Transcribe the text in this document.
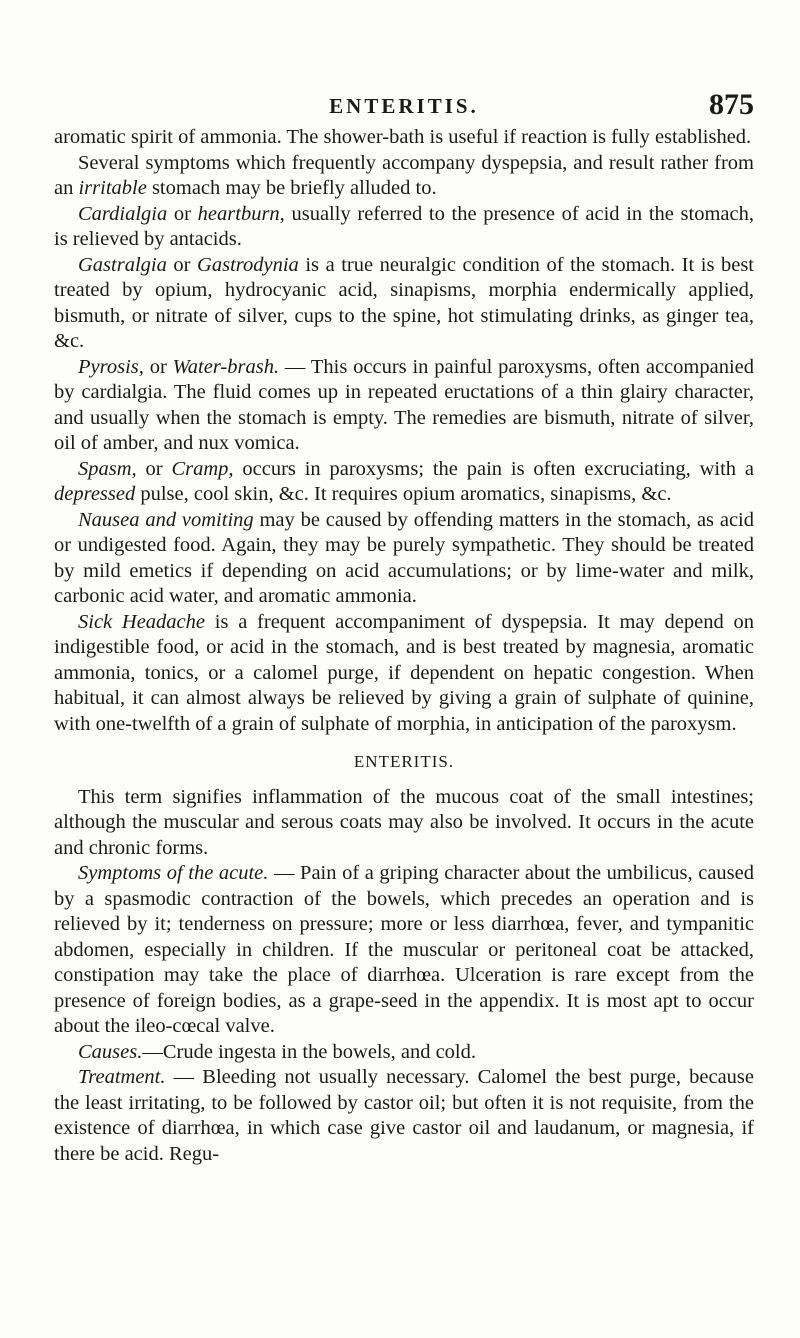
ENTERITIS.	875

aromatic spirit of ammonia. The shower-bath is useful if reaction is fully established.

Several symptoms which frequently accompany dyspepsia, and result rather from an irritable stomach may be briefly alluded to.

Cardialgia or heartburn, usually referred to the presence of acid in the stomach, is relieved by antacids.

Gastralgia or Gastrodynia is a true neuralgic condition of the stomach. It is best treated by opium, hydrocyanic acid, sinapisms, morphia endermically applied, bismuth, or nitrate of silver, cups to the spine, hot stimulating drinks, as ginger tea, &c.

Pyrosis, or Water-brash. — This occurs in painful paroxysms, often accompanied by cardialgia. The fluid comes up in repeated eructations of a thin glairy character, and usually when the stomach is empty. The remedies are bismuth, nitrate of silver, oil of amber, and nux vomica.

Spasm, or Cramp, occurs in paroxysms; the pain is often excruciating, with a depressed pulse, cool skin, &c. It requires opium aromatics, sinapisms, &c.

Nausea and vomiting may be caused by offending matters in the stomach, as acid or undigested food. Again, they may be purely sympathetic. They should be treated by mild emetics if depending on acid accumulations; or by lime-water and milk, carbonic acid water, and aromatic ammonia.

Sick Headache is a frequent accompaniment of dyspepsia. It may depend on indigestible food, or acid in the stomach, and is best treated by magnesia, aromatic ammonia, tonics, or a calomel purge, if dependent on hepatic congestion. When habitual, it can almost always be relieved by giving a grain of sulphate of quinine, with one-twelfth of a grain of sulphate of morphia, in anticipation of the paroxysm.

ENTERITIS.

This term signifies inflammation of the mucous coat of the small intestines; although the muscular and serous coats may also be involved. It occurs in the acute and chronic forms.

Symptoms of the acute. — Pain of a griping character about the umbilicus, caused by a spasmodic contraction of the bowels, which precedes an operation and is relieved by it; tenderness on pressure; more or less diarrhœa, fever, and tympanitic abdomen, especially in children. If the muscular or peritoneal coat be attacked, constipation may take the place of diarrhœa. Ulceration is rare except from the presence of foreign bodies, as a grape-seed in the appendix. It is most apt to occur about the ileo-cœcal valve.

Causes.—Crude ingesta in the bowels, and cold.

Treatment. — Bleeding not usually necessary. Calomel the best purge, because the least irritating, to be followed by castor oil; but often it is not requisite, from the existence of diarrhœa, in which case give castor oil and laudanum, or magnesia, if there be acid. Regu-
